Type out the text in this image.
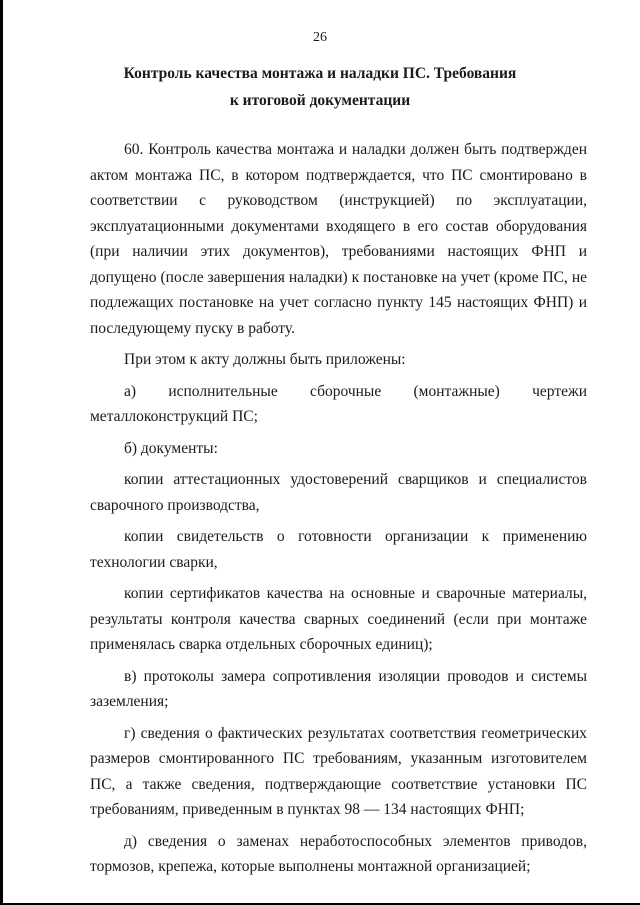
26
Контроль качества монтажа и наладки ПС. Требования
к итоговой документации

60. Контроль качества монтажа и наладки должен быть подтвержден актом монтажа ПС, в котором подтверждается, что ПС смонтировано в соответствии с руководством (инструкцией) по эксплуатации, эксплуатационными документами входящего в его состав оборудования (при наличии этих документов), требованиями настоящих ФНП и допущено (после завершения наладки) к постановке на учет (кроме ПС, не подлежащих постановке на учет согласно пункту 145 настоящих ФНП) и последующему пуску в работу.

При этом к акту должны быть приложены:

а) исполнительные сборочные (монтажные) чертежи металлоконструкций ПС;

б) документы:

копии аттестационных удостоверений сварщиков и специалистов сварочного производства,

копии свидетельств о готовности организации к применению технологии сварки,

копии сертификатов качества на основные и сварочные материалы, результаты контроля качества сварных соединений (если при монтаже применялась сварка отдельных сборочных единиц);

в) протоколы замера сопротивления изоляции проводов и системы заземления;

г) сведения о фактических результатах соответствия геометрических размеров смонтированного ПС требованиям, указанным изготовителем ПС, а также сведения, подтверждающие соответствие установки ПС требованиям, приведенным в пунктах 98 — 134 настоящих ФНП;

д) сведения о заменах неработоспособных элементов приводов, тормозов, крепежа, которые выполнены монтажной организацией;
